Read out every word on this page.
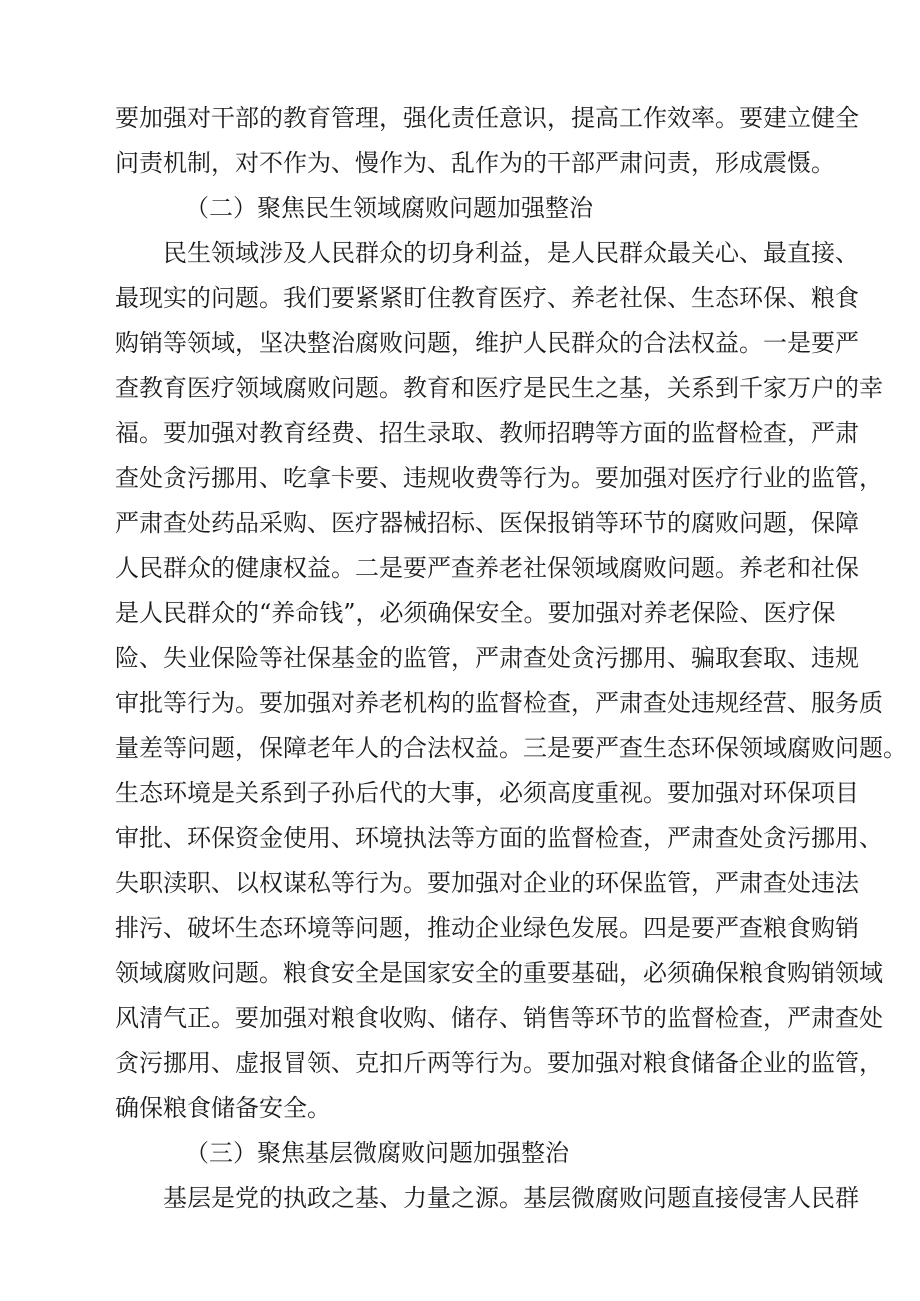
要加强对干部的教育管理，强化责任意识，提高工作效率。要建立健全
问责机制，对不作为、慢作为、乱作为的干部严肃问责，形成震慑。
（二）聚焦民生领域腐败问题加强整治
民生领域涉及人民群众的切身利益，是人民群众最关心、最直接、
最现实的问题。我们要紧紧盯住教育医疗、养老社保、生态环保、粮食
购销等领域，坚决整治腐败问题，维护人民群众的合法权益。一是要严
查教育医疗领域腐败问题。教育和医疗是民生之基，关系到千家万户的幸
福。要加强对教育经费、招生录取、教师招聘等方面的监督检查，严肃
查处贪污挪用、吃拿卡要、违规收费等行为。要加强对医疗行业的监管，
严肃查处药品采购、医疗器械招标、医保报销等环节的腐败问题，保障
人民群众的健康权益。二是要严查养老社保领域腐败问题。养老和社保
是人民群众的“养命钱”，必须确保安全。要加强对养老保险、医疗保
险、失业保险等社保基金的监管，严肃查处贪污挪用、骗取套取、违规
审批等行为。要加强对养老机构的监督检查，严肃查处违规经营、服务质
量差等问题，保障老年人的合法权益。三是要严查生态环保领域腐败问题。
生态环境是关系到子孙后代的大事，必须高度重视。要加强对环保项目
审批、环保资金使用、环境执法等方面的监督检查，严肃查处贪污挪用、
失职渎职、以权谋私等行为。要加强对企业的环保监管，严肃查处违法
排污、破坏生态环境等问题，推动企业绿色发展。四是要严查粮食购销
领域腐败问题。粮食安全是国家安全的重要基础，必须确保粮食购销领域
风清气正。要加强对粮食收购、储存、销售等环节的监督检查，严肃查处
贪污挪用、虚报冒领、克扣斤两等行为。要加强对粮食储备企业的监管，
确保粮食储备安全。
（三）聚焦基层微腐败问题加强整治
基层是党的执政之基、力量之源。基层微腐败问题直接侵害人民群
